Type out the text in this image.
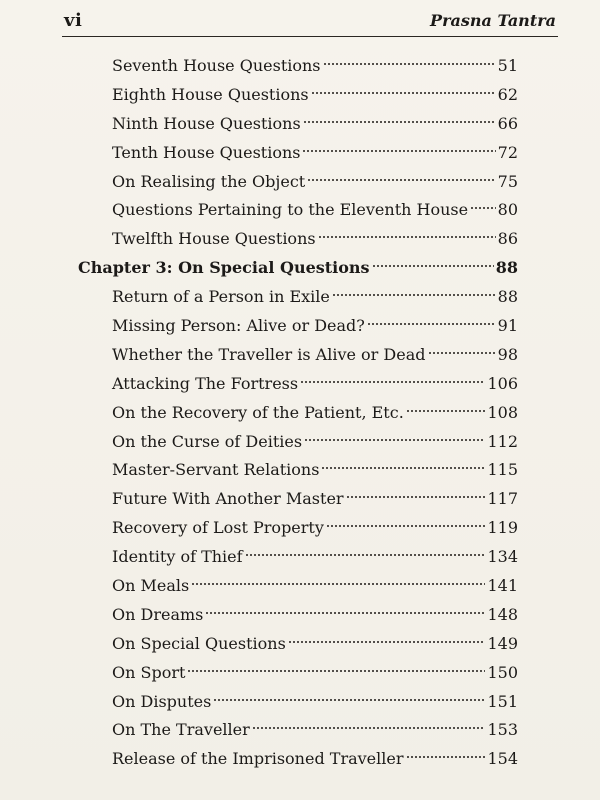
vi	Prasna Tantra
Seventh House Questions	51
Eighth House Questions	62
Ninth House Questions	66
Tenth House Questions	72
On Realising the Object	75
Questions Pertaining to the Eleventh House 80
Twelfth House Questions	86
Chapter 3: On Special Questions	88
Return of a Person in Exile	88
Missing Person: Alive or Dead?	91
Whether the Traveller is Alive or Dead	98
Attacking The Fortress	106
On the Recovery of the Patient, Etc.	108
On the Curse of Deities	112
Master-Servant Relations	115
Future With Another Master	117
Recovery of Lost Property	119
Identity of Thief	134
On Meals	141
On Dreams	148
On Special Questions	149
On Sport	150
On Disputes	151
On The Traveller	153
Release of the Imprisoned Traveller	154
